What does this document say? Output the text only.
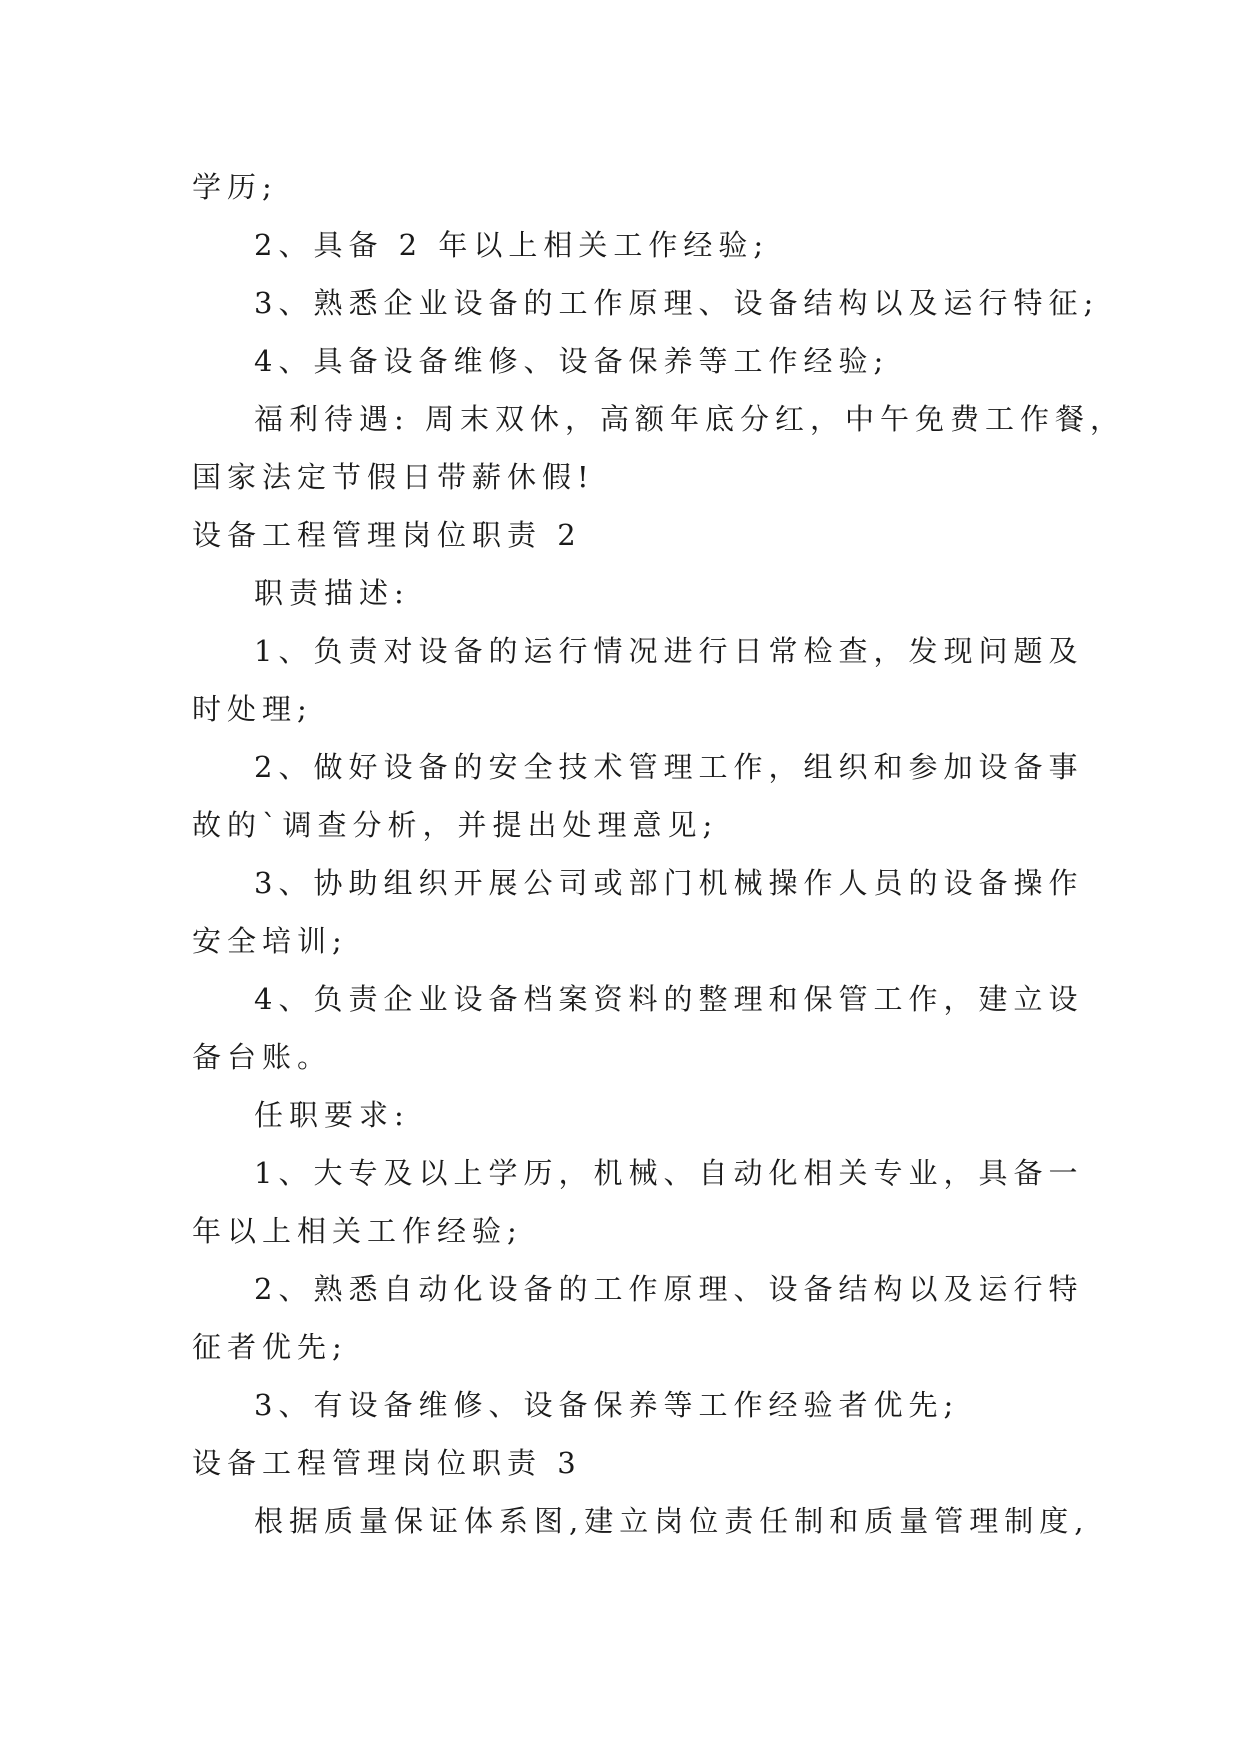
学历;
2、具备 2 年以上相关工作经验;
3、熟悉企业设备的工作原理、设备结构以及运行特征;
4、具备设备维修、设备保养等工作经验;
福利待遇: 周末双休，高额年底分红，中午免费工作餐，
国家法定节假日带薪休假!
设备工程管理岗位职责 2
职责描述:
1、负责对设备的运行情况进行日常检查，发现问题及
时处理;
2、做好设备的安全技术管理工作，组织和参加设备事
故的`调查分析，并提出处理意见;
3、协助组织开展公司或部门机械操作人员的设备操作
安全培训;
4、负责企业设备档案资料的整理和保管工作，建立设
备台账。
任职要求:
1、大专及以上学历，机械、自动化相关专业，具备一
年以上相关工作经验;
2、熟悉自动化设备的工作原理、设备结构以及运行特
征者优先;
3、有设备维修、设备保养等工作经验者优先;
设备工程管理岗位职责 3
根据质量保证体系图,建立岗位责任制和质量管理制度,
